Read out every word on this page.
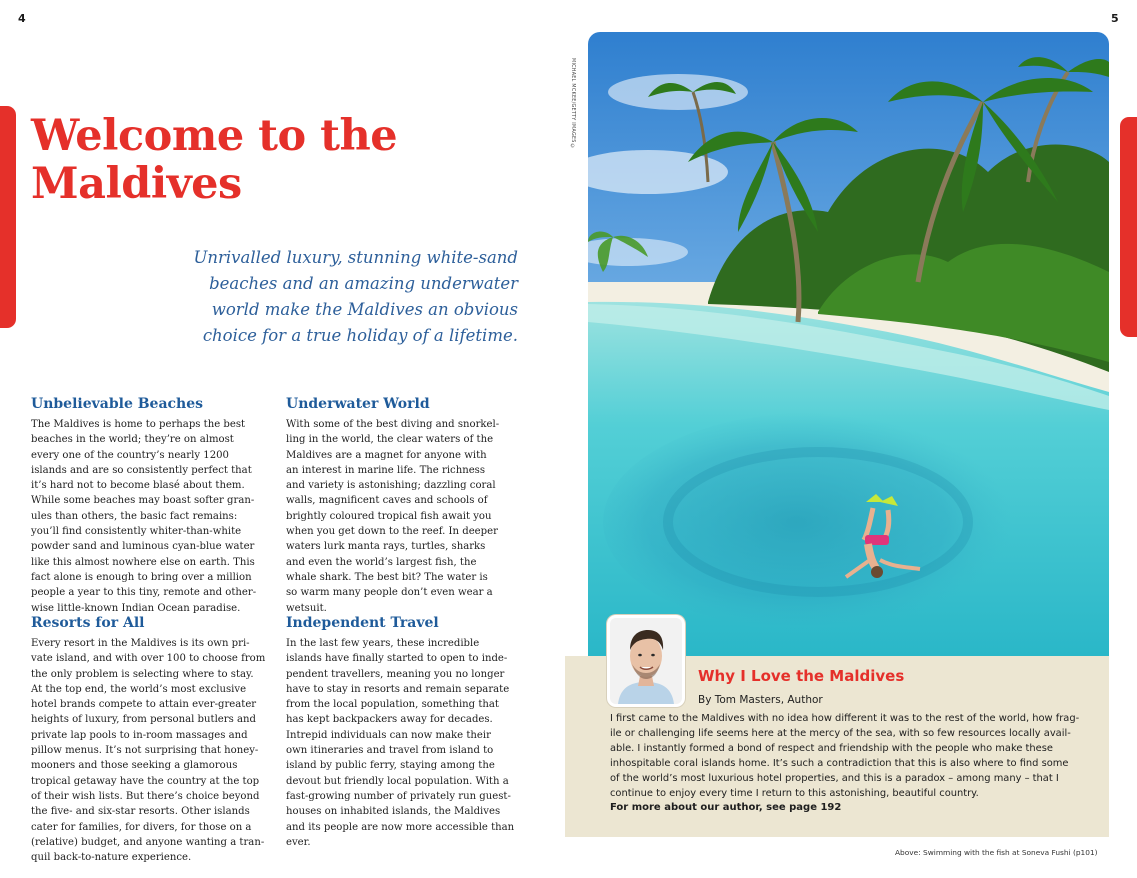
4	5
Welcome to the
Maldives
Unrivalled luxury, stunning white-sand
beaches and an amazing underwater
world make the Maldives an obvious
choice for a true holiday of a lifetime.
Unbelievable Beaches
The Maldives is home to perhaps the best
beaches in the world; they’re on almost
every one of the country’s nearly 1200
islands and are so consistently perfect that
it’s hard not to become blasé about them.
While some beaches may boast softer gran-
ules than others, the basic fact remains:
you’ll find consistently whiter-than-white
powder sand and luminous cyan-blue water
like this almost nowhere else on earth. This
fact alone is enough to bring over a million
people a year to this tiny, remote and other-
wise little-known Indian Ocean paradise.
Resorts for All
Every resort in the Maldives is its own pri-
vate island, and with over 100 to choose from
the only problem is selecting where to stay.
At the top end, the world’s most exclusive
hotel brands compete to attain ever-greater
heights of luxury, from personal butlers and
private lap pools to in-room massages and
pillow menus. It’s not surprising that honey-
mooners and those seeking a glamorous
tropical getaway have the country at the top
of their wish lists. But there’s choice beyond
the five- and six-star resorts. Other islands
cater for families, for divers, for those on a
(relative) budget, and anyone wanting a tran-
quil back-to-nature experience.
Underwater World
With some of the best diving and snorkel-
ling in the world, the clear waters of the
Maldives are a magnet for anyone with
an interest in marine life. The richness
and variety is astonishing; dazzling coral
walls, magnificent caves and schools of
brightly coloured tropical fish await you
when you get down to the reef. In deeper
waters lurk manta rays, turtles, sharks
and even the world’s largest fish, the
whale shark. The best bit? The water is
so warm many people don’t even wear a
wetsuit.
Independent Travel
In the last few years, these incredible
islands have finally started to open to inde-
pendent travellers, meaning you no longer
have to stay in resorts and remain separate
from the local population, something that
has kept backpackers away for decades.
Intrepid individuals can now make their
own itineraries and travel from island to
island by public ferry, staying among the
devout but friendly local population. With a
fast-growing number of privately run guest-
houses on inhabited islands, the Maldives
and its people are now more accessible than
ever.
MICHAEL MCKEE/GETTY IMAGES ©
Why I Love the Maldives
By Tom Masters, Author
I first came to the Maldives with no idea how different it was to the rest of the world, how frag-
ile or challenging life seems here at the mercy of the sea, with so few resources locally avail-
able. I instantly formed a bond of respect and friendship with the people who make these
inhospitable coral islands home. It’s such a contradiction that this is also where to find some
of the world’s most luxurious hotel properties, and this is a paradox – among many – that I
continue to enjoy every time I return to this astonishing, beautiful country.
For more about our author, see page 192
Above: Swimming with the fish at Soneva Fushi (p101)
